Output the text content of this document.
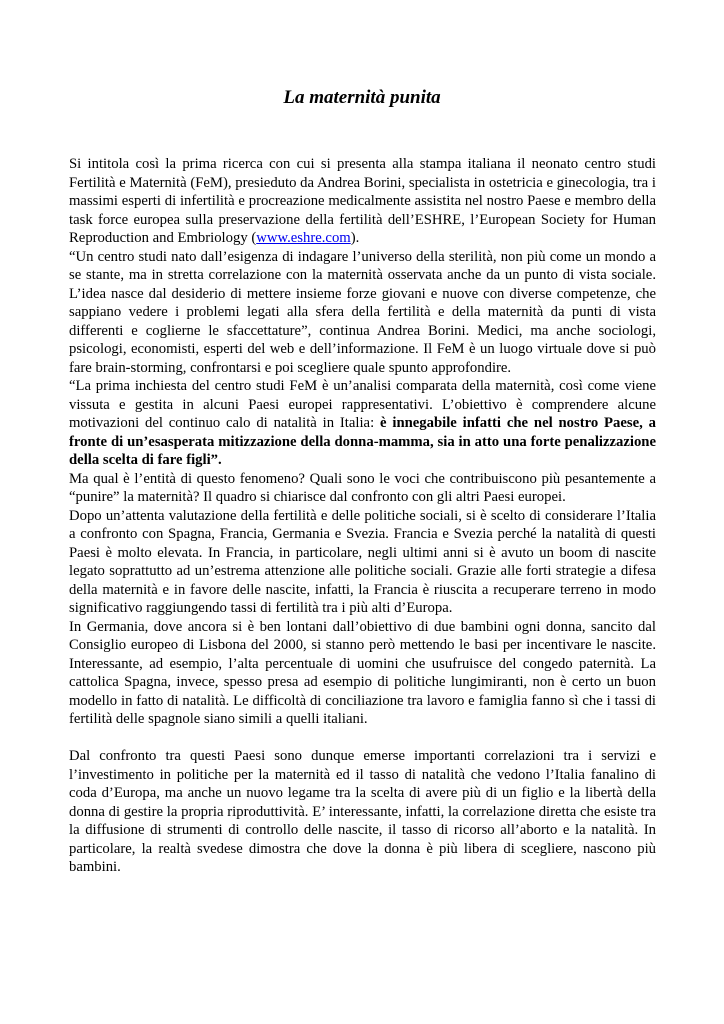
La maternità punita

Si intitola così la prima ricerca con cui si presenta alla stampa italiana il neonato centro studi Fertilità e Maternità (FeM), presieduto da Andrea Borini, specialista in ostetricia e ginecologia, tra i massimi esperti di infertilità e procreazione medicalmente assistita nel nostro Paese e membro della task force europea sulla preservazione della fertilità dell’ESHRE, l’European Society for Human Reproduction and Embriology (www.eshre.com).

“Un centro studi nato dall’esigenza di indagare l’universo della sterilità, non più come un mondo a se stante, ma in stretta correlazione con la maternità osservata anche da un punto di vista sociale. L’idea nasce dal desiderio di mettere insieme forze giovani e nuove con diverse competenze, che sappiano vedere i problemi legati alla sfera della fertilità e della maternità da punti di vista differenti e coglierne le sfaccettature”, continua Andrea Borini. Medici, ma anche sociologi, psicologi, economisti, esperti del web e dell’informazione. Il FeM è un luogo virtuale dove si può fare brain-storming, confrontarsi e poi scegliere quale spunto approfondire.

“La prima inchiesta del centro studi FeM è un’analisi comparata della maternità, così come viene vissuta e gestita in alcuni Paesi europei rappresentativi. L’obiettivo è comprendere alcune motivazioni del continuo calo di natalità in Italia: è innegabile infatti che nel nostro Paese, a fronte di un’esasperata mitizzazione della donna-mamma, sia in atto una forte penalizzazione della scelta di fare figli”.

Ma qual è l’entità di questo fenomeno? Quali sono le voci che contribuiscono più pesantemente a “punire” la maternità? Il quadro si chiarisce dal confronto con gli altri Paesi europei.

Dopo un’attenta valutazione della fertilità e delle politiche sociali, si è scelto di considerare l’Italia a confronto con Spagna, Francia, Germania e Svezia. Francia e Svezia perché la natalità di questi Paesi è molto elevata. In Francia, in particolare, negli ultimi anni si è avuto un boom di nascite legato soprattutto ad un’estrema attenzione alle politiche sociali. Grazie alle forti strategie a difesa della maternità e in favore delle nascite, infatti, la Francia è riuscita a recuperare terreno in modo significativo raggiungendo tassi di fertilità tra i più alti d’Europa.

In Germania, dove ancora si è ben lontani dall’obiettivo di due bambini ogni donna, sancito dal Consiglio europeo di Lisbona del 2000, si stanno però mettendo le basi per incentivare le nascite. Interessante, ad esempio, l’alta percentuale di uomini che usufruisce del congedo paternità. La cattolica Spagna, invece, spesso presa ad esempio di politiche lungimiranti, non è certo un buon modello in fatto di natalità. Le difficoltà di conciliazione tra lavoro e famiglia fanno sì che i tassi di fertilità delle spagnole siano simili a quelli italiani.

Dal confronto tra questi Paesi sono dunque emerse importanti correlazioni tra i servizi e l’investimento in politiche per la maternità ed il tasso di natalità che vedono l’Italia fanalino di coda d’Europa, ma anche un nuovo legame tra la scelta di avere più di un figlio e la libertà della donna di gestire la propria riproduttività. E’ interessante, infatti, la correlazione diretta che esiste tra la diffusione di strumenti di controllo delle nascite, il tasso di ricorso all’aborto e la natalità. In particolare, la realtà svedese dimostra che dove la donna è più libera di scegliere, nascono più bambini.
